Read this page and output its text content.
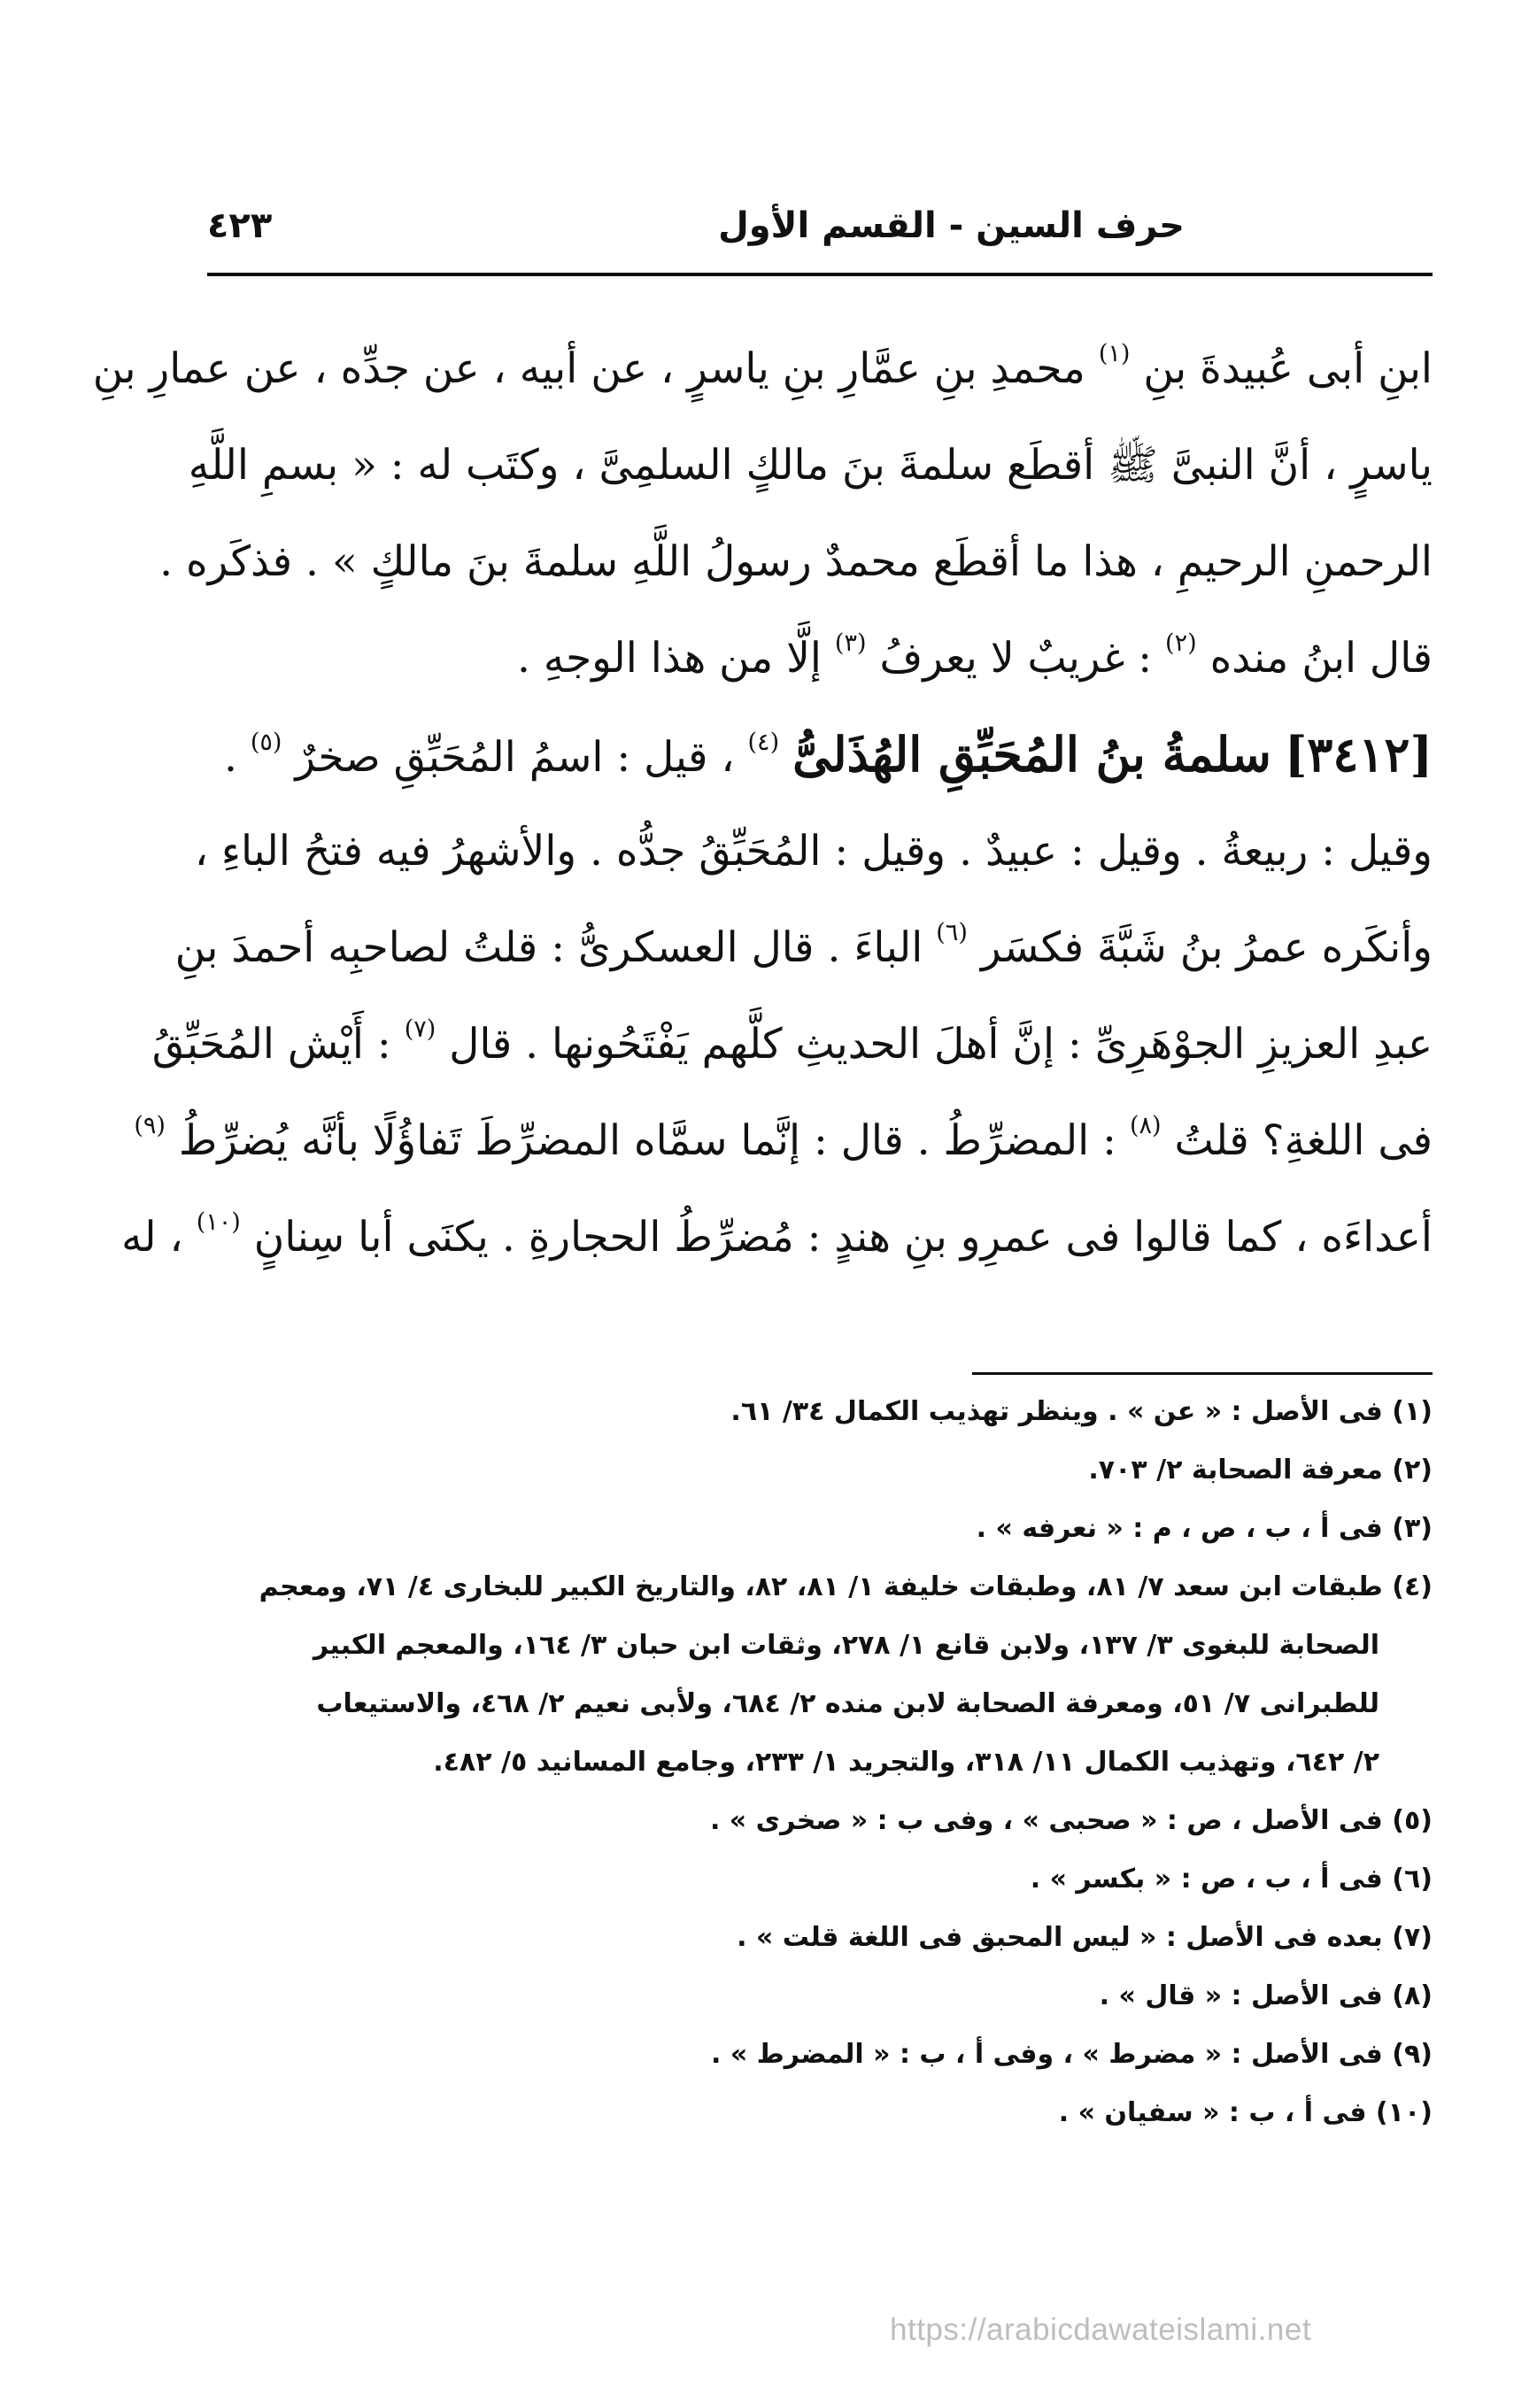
حرف السين - القسم الأول
٤٢٣
ابنِ أبى عُبيدةَ بنِ $^{(١)}$ محمدِ بنِ عمَّارِ بنِ ياسرٍ ، عن أبيه ، عن جدِّه ، عن عمارِ بنِ
ياسرٍ ، أنَّ النبىَّ ﷺ أقطَع سلمةَ بنَ مالكٍ السلمِىَّ ، وكتَب له : « بسمِ اللَّهِ
الرحمنِ الرحيمِ ، هذا ما أقطَع محمدٌ رسولُ اللَّهِ سلمةَ بنَ مالكٍ » . فذكَره .
قال ابنُ منده $^{(٢)}$ : غريبٌ لا يعرفُ $^{(٣)}$ إلَّا من هذا الوجهِ .
[٣٤١٢] سلمةُ بنُ المُحَبِّقِ الهُذَلىُّ $^{(٤)}$ ، قيل : اسمُ المُحَبِّقِ صخرٌ $^{(٥)}$ .
وقيل : ربيعةُ . وقيل : عبيدٌ . وقيل : المُحَبِّقُ جدُّه . والأشهرُ فيه فتحُ الباءِ ،
وأنكَره عمرُ بنُ شَبَّةَ فكسَر $^{(٦)}$ الباءَ . قال العسكرىُّ : قلتُ لصاحبِه أحمدَ بنِ
عبدِ العزيزِ الجوْهَرِىِّ : إنَّ أهلَ الحديثِ كلَّهم يَفْتَحُونها . قال $^{(٧)}$ : أَيْش المُحَبِّقُ
فى اللغةِ؟ قلتُ $^{(٨)}$ : المضرِّطُ . قال : إنَّما سمَّاه المضرِّطَ تَفاؤُلًا بأنَّه يُضرِّطُ $^{(٩)}$
أعداءَه ، كما قالوا فى عمرِو بنِ هندٍ : مُضرِّطُ الحجارةِ . يكنَى أبا سِنانٍ $^{(١٠)}$ ، له
(١) فى الأصل : « عن » . وينظر تهذيب الكمال ٣٤/ ٦١.
(٢) معرفة الصحابة ٢/ ٧٠٣.
(٣) فى أ ، ب ، ص ، م : « نعرفه » .
(٤) طبقات ابن سعد ٧/ ٨١، وطبقات خليفة ١/ ٨١، ٨٢، والتاريخ الكبير للبخارى ٤/ ٧١، ومعجم
الصحابة للبغوى ٣/ ١٣٧، ولابن قانع ١/ ٢٧٨، وثقات ابن حبان ٣/ ١٦٤، والمعجم الكبير
للطبرانى ٧/ ٥١، ومعرفة الصحابة لابن منده ٢/ ٦٨٤، ولأبى نعيم ٢/ ٤٦٨، والاستيعاب
٢/ ٦٤٢، وتهذيب الكمال ١١/ ٣١٨، والتجريد ١/ ٢٣٣، وجامع المسانيد ٥/ ٤٨٢.
(٥) فى الأصل ، ص : « صحبى » ، وفى ب : « صخرى » .
(٦) فى أ ، ب ، ص : « بكسر » .
(٧) بعده فى الأصل : « ليس المحبق فى اللغة قلت » .
(٨) فى الأصل : « قال » .
(٩) فى الأصل : « مضرط » ، وفى أ ، ب : « المضرط » .
(١٠) فى أ ، ب : « سفيان » .
https://arabicdawateislami.net
